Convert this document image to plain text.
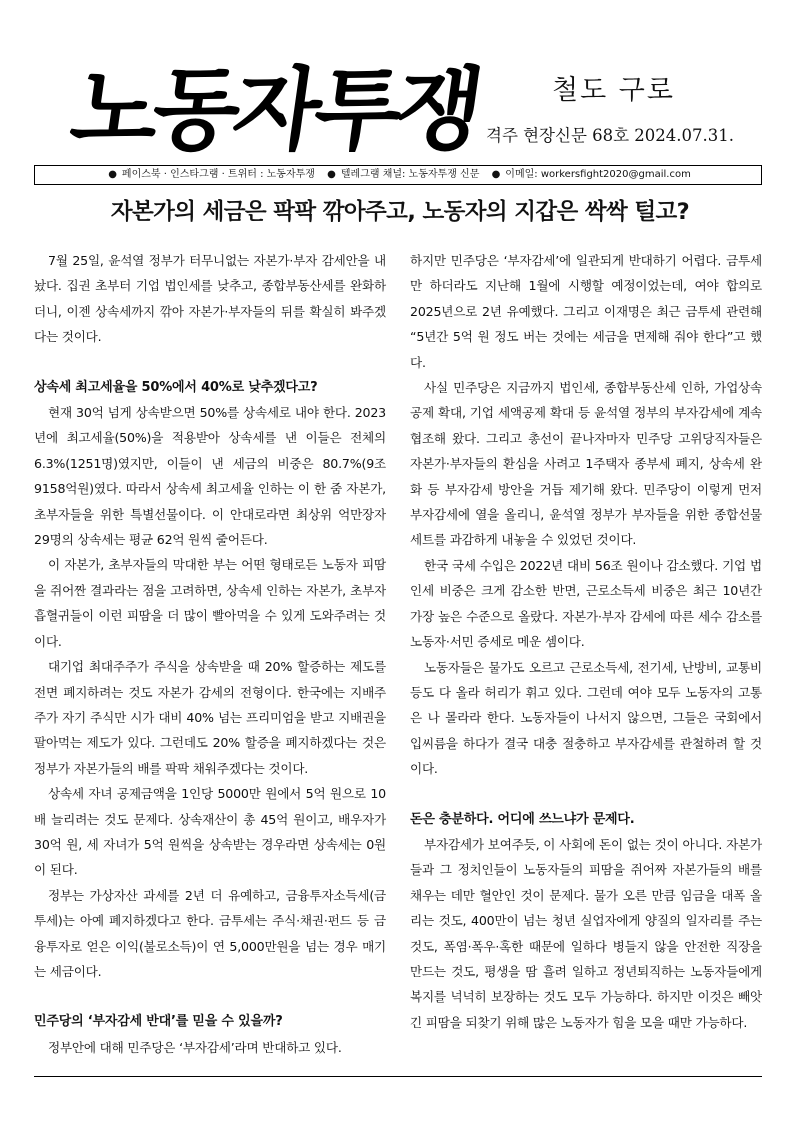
노동자투쟁	철도 구로
격주 현장신문 68호 2024.07.31.
● 페이스북 · 인스타그램 · 트위터 : 노동자투쟁 ● 텔레그램 채널: 노동자투쟁 신문 ● 이메일: workersfight2020@gmail.com
자본가의 세금은 팍팍 깎아주고, 노동자의 지갑은 싹싹 털고?

7월 25일, 윤석열 정부가 터무니없는 자본가·부자 감세안을 내놨다. 집권 초부터 기업 법인세를 낮추고, 종합부동산세를 완화하더니, 이젠 상속세까지 깎아 자본가·부자들의 뒤를 확실히 봐주겠다는 것이다.

상속세 최고세율을 50%에서 40%로 낮추겠다고?

현재 30억 넘게 상속받으면 50%를 상속세로 내야 한다. 2023년에 최고세율(50%)을 적용받아 상속세를 낸 이들은 전체의 6.3%(1251명)였지만, 이들이 낸 세금의 비중은 80.7%(9조9158억원)였다. 따라서 상속세 최고세율 인하는 이 한 줌 자본가, 초부자들을 위한 특별선물이다. 이 안대로라면 최상위 억만장자 29명의 상속세는 평균 62억 원씩 줄어든다.

이 자본가, 초부자들의 막대한 부는 어떤 형태로든 노동자 피땀을 쥐어짠 결과라는 점을 고려하면, 상속세 인하는 자본가, 초부자 흡혈귀들이 이런 피땀을 더 많이 빨아먹을 수 있게 도와주려는 것이다.

대기업 최대주주가 주식을 상속받을 때 20% 할증하는 제도를 전면 폐지하려는 것도 자본가 감세의 전형이다. 한국에는 지배주주가 자기 주식만 시가 대비 40% 넘는 프리미엄을 받고 지배권을 팔아먹는 제도가 있다. 그런데도 20% 할증을 폐지하겠다는 것은 정부가 자본가들의 배를 팍팍 채워주겠다는 것이다.

상속세 자녀 공제금액을 1인당 5000만 원에서 5억 원으로 10배 늘리려는 것도 문제다. 상속재산이 총 45억 원이고, 배우자가 30억 원, 세 자녀가 5억 원씩을 상속받는 경우라면 상속세는 0원이 된다.

정부는 가상자산 과세를 2년 더 유예하고, 금융투자소득세(금투세)는 아예 폐지하겠다고 한다. 금투세는 주식·채권·펀드 등 금융투자로 얻은 이익(불로소득)이 연 5,000만원을 넘는 경우 매기는 세금이다.

민주당의 ‘부자감세 반대’를 믿을 수 있을까?

정부안에 대해 민주당은 ‘부자감세’라며 반대하고 있다.

하지만 민주당은 ‘부자감세’에 일관되게 반대하기 어렵다. 금투세만 하더라도 지난해 1월에 시행할 예정이었는데, 여야 합의로 2025년으로 2년 유예했다. 그리고 이재명은 최근 금투세 관련해 “5년간 5억 원 정도 버는 것에는 세금을 면제해 줘야 한다”고 했다.

사실 민주당은 지금까지 법인세, 종합부동산세 인하, 가업상속공제 확대, 기업 세액공제 확대 등 윤석열 정부의 부자감세에 계속 협조해 왔다. 그리고 총선이 끝나자마자 민주당 고위당직자들은 자본가·부자들의 환심을 사려고 1주택자 종부세 폐지, 상속세 완화 등 부자감세 방안을 거듭 제기해 왔다. 민주당이 이렇게 먼저 부자감세에 열을 올리니, 윤석열 정부가 부자들을 위한 종합선물세트를 과감하게 내놓을 수 있었던 것이다.

한국 국세 수입은 2022년 대비 56조 원이나 감소했다. 기업 법인세 비중은 크게 감소한 반면, 근로소득세 비중은 최근 10년간 가장 높은 수준으로 올랐다. 자본가·부자 감세에 따른 세수 감소를 노동자·서민 증세로 메운 셈이다.

노동자들은 물가도 오르고 근로소득세, 전기세, 난방비, 교통비 등도 다 올라 허리가 휘고 있다. 그런데 여야 모두 노동자의 고통은 나 몰라라 한다. 노동자들이 나서지 않으면, 그들은 국회에서 입씨름을 하다가 결국 대충 절충하고 부자감세를 관철하려 할 것이다.

돈은 충분하다. 어디에 쓰느냐가 문제다.

부자감세가 보여주듯, 이 사회에 돈이 없는 것이 아니다. 자본가들과 그 정치인들이 노동자들의 피땀을 쥐어짜 자본가들의 배를 채우는 데만 혈안인 것이 문제다. 물가 오른 만큼 임금을 대폭 올리는 것도, 400만이 넘는 청년 실업자에게 양질의 일자리를 주는 것도, 폭염·폭우·혹한 때문에 일하다 병들지 않을 안전한 직장을 만드는 것도, 평생을 땀 흘려 일하고 정년퇴직하는 노동자들에게 복지를 넉넉히 보장하는 것도 모두 가능하다. 하지만 이것은 빼앗긴 피땀을 되찾기 위해 많은 노동자가 힘을 모을 때만 가능하다.
